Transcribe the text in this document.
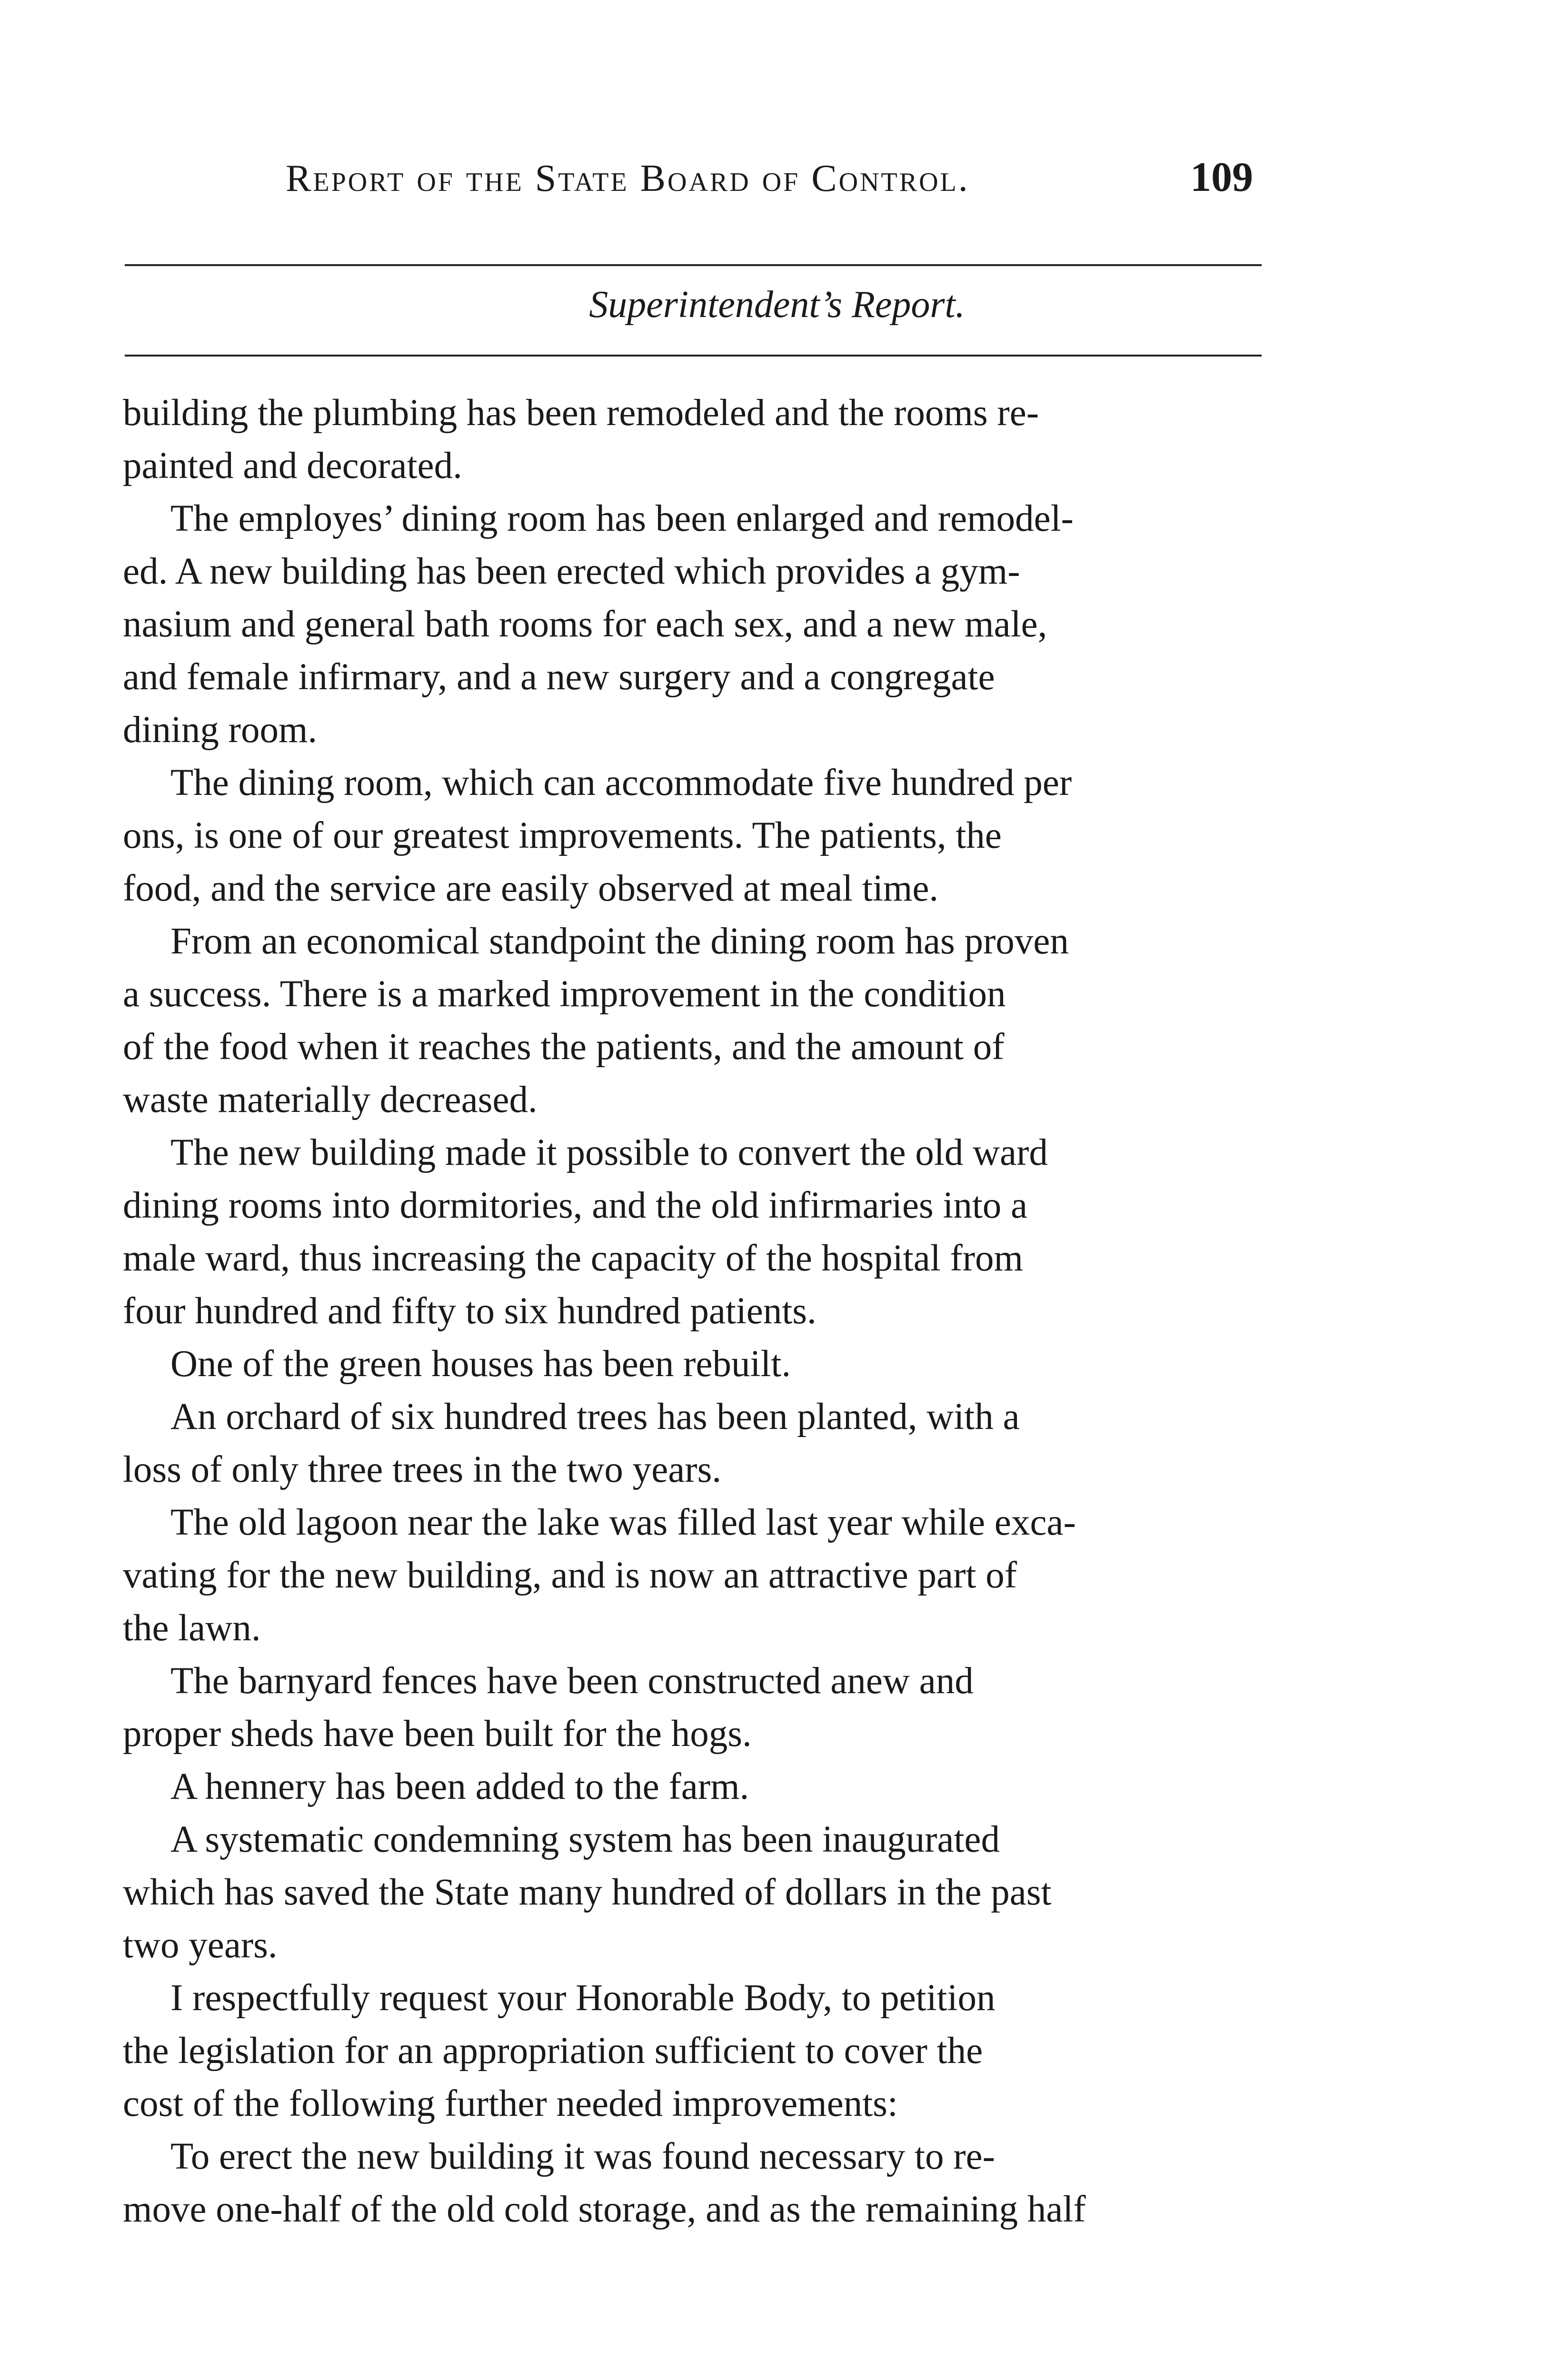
Report of the State Board of Control.	109
Superintendent’s Report.
building the plumbing has been remodeled and the rooms re-
painted and decorated.
The employes’ dining room has been enlarged and remodel-
ed. A new building has been erected which provides a gym-
nasium and general bath rooms for each sex, and a new male,
and female infirmary, and a new surgery and a congregate
dining room.
The dining room, which can accommodate five hundred per
ons, is one of our greatest improvements. The patients, the
food, and the service are easily observed at meal time.
From an economical standpoint the dining room has proven
a success. There is a marked improvement in the condition
of the food when it reaches the patients, and the amount of
waste materially decreased.
The new building made it possible to convert the old ward
dining rooms into dormitories, and the old infirmaries into a
male ward, thus increasing the capacity of the hospital from
four hundred and fifty to six hundred patients.
One of the green houses has been rebuilt.
An orchard of six hundred trees has been planted, with a
loss of only three trees in the two years.
The old lagoon near the lake was filled last year while exca-
vating for the new building, and is now an attractive part of
the lawn.
The barnyard fences have been constructed anew and
proper sheds have been built for the hogs.
A hennery has been added to the farm.
A systematic condemning system has been inaugurated
which has saved the State many hundred of dollars in the past
two years.
I respectfully request your Honorable Body, to petition
the legislation for an appropriation sufficient to cover the
cost of the following further needed improvements:
To erect the new building it was found necessary to re-
move one-half of the old cold storage, and as the remaining half
